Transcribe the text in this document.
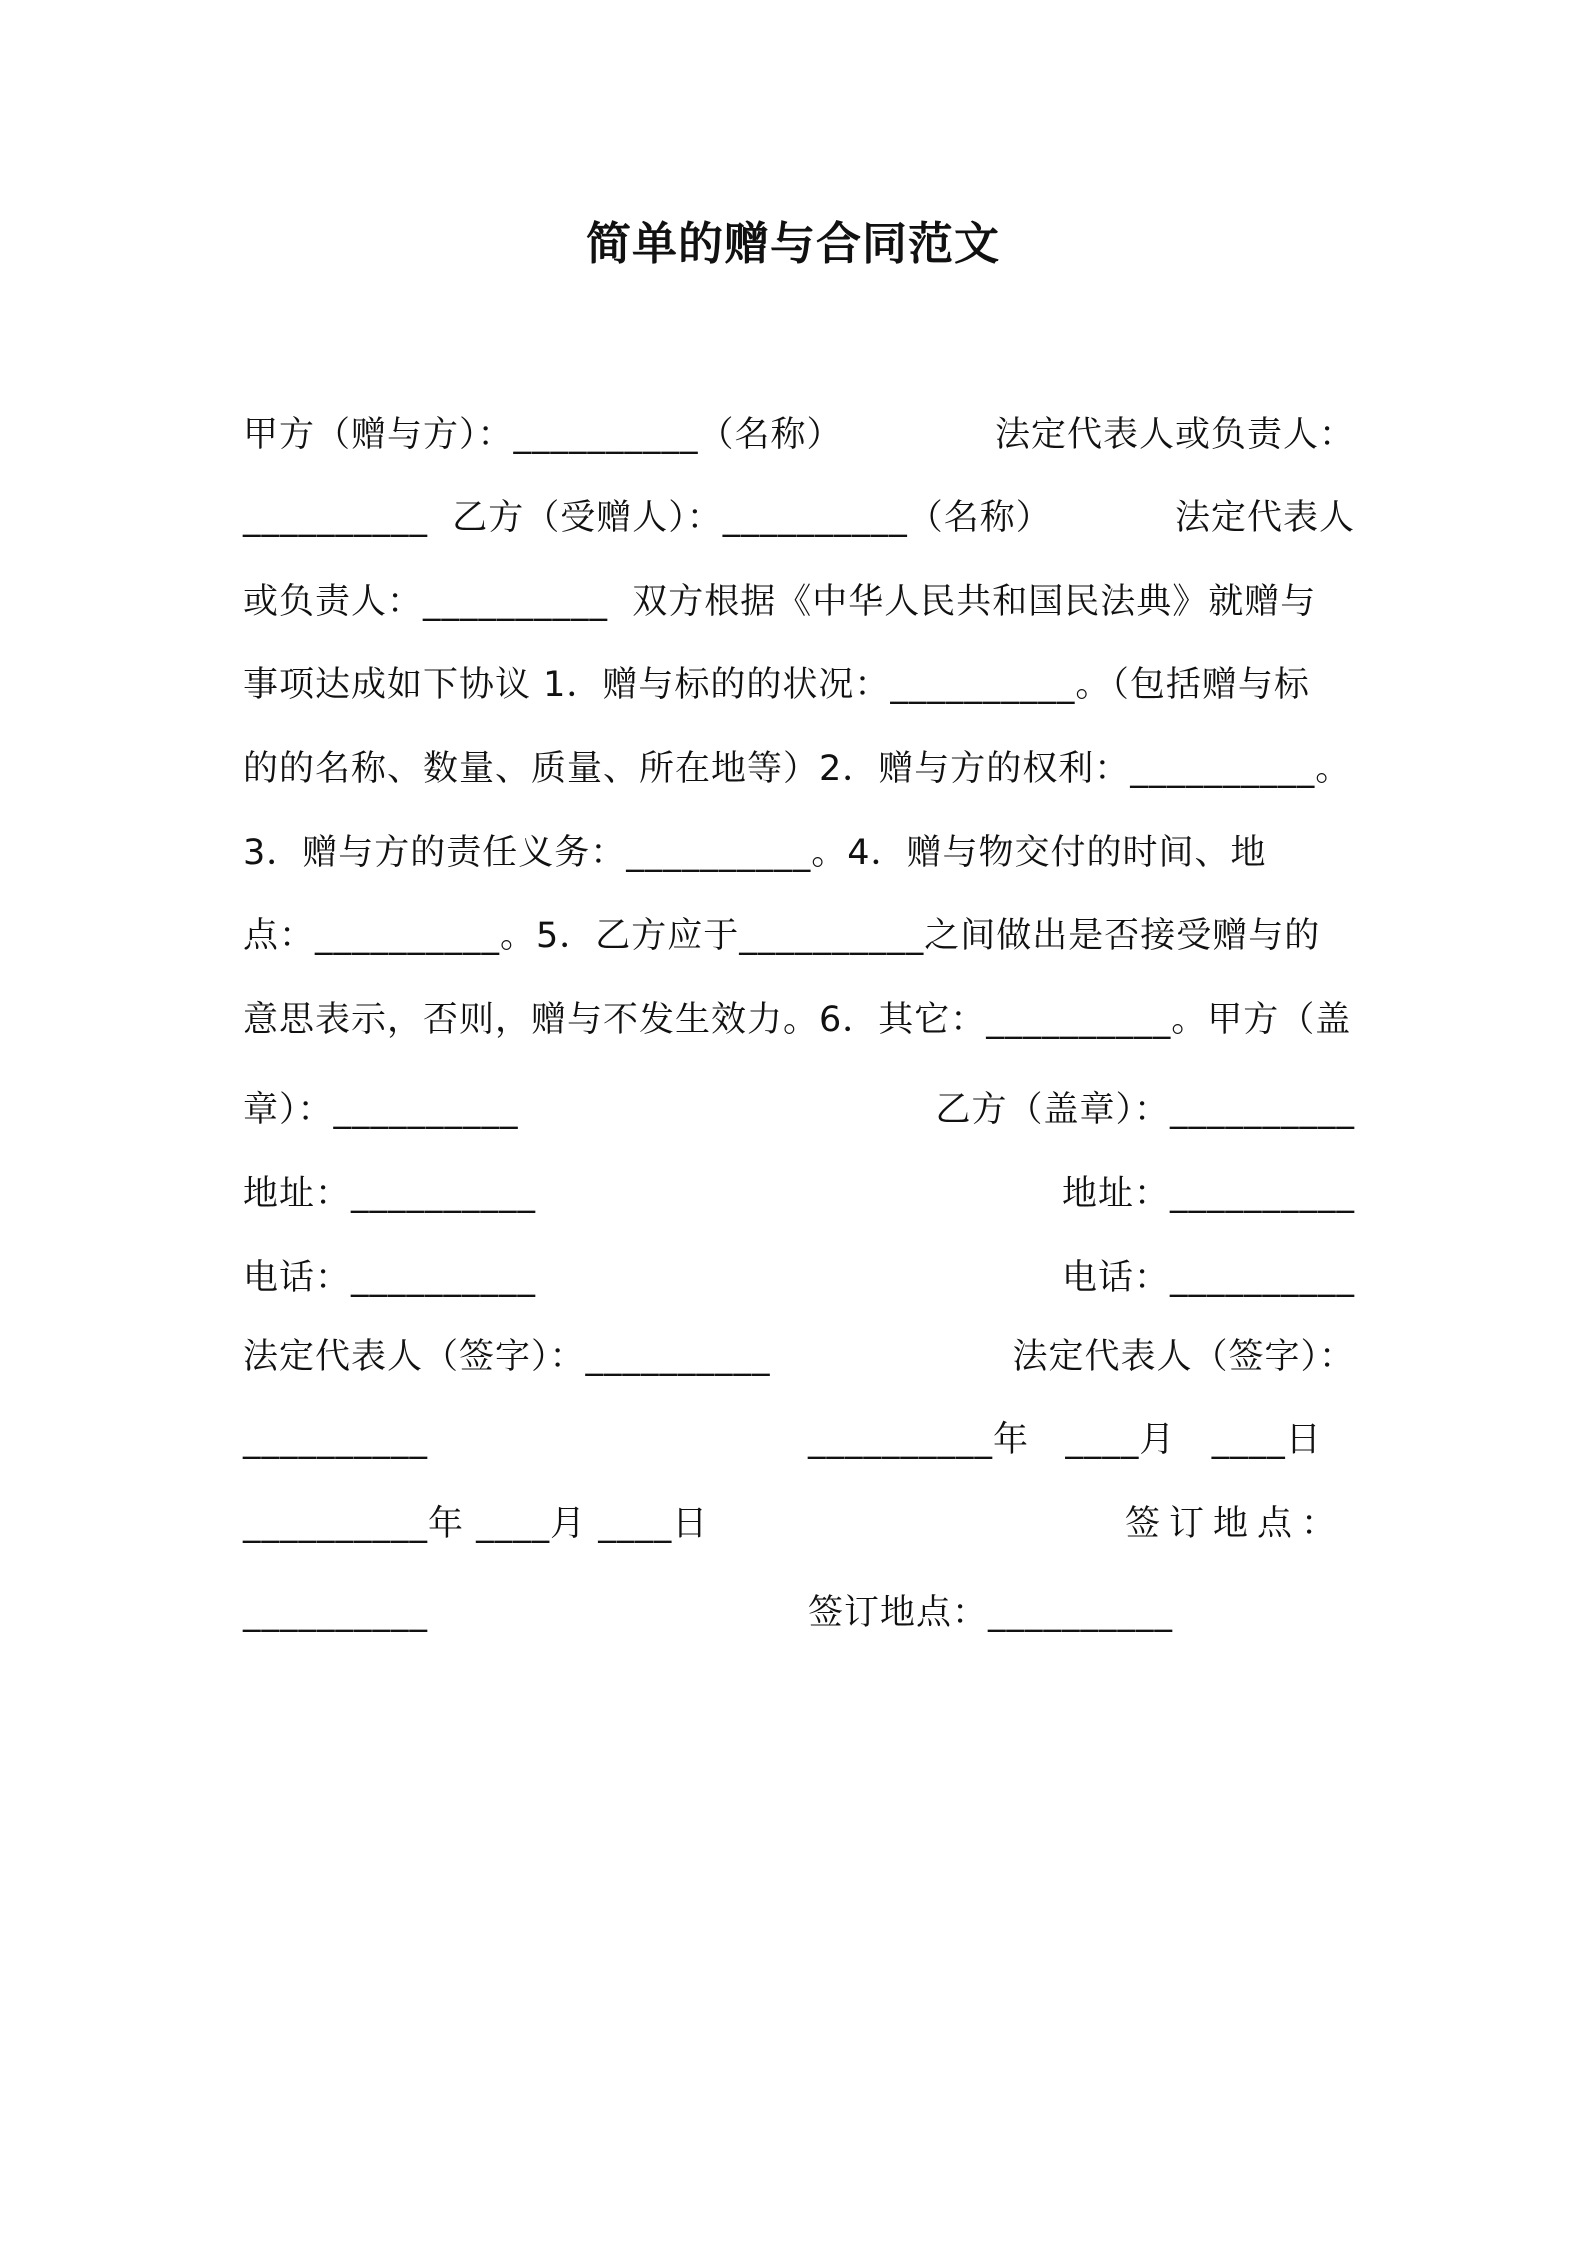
简单的赠与合同范文
甲方（赠与方）：__________（名称）	法定代表人或负责人：
__________  乙方（受赠人）：__________（名称）	法定代表人
或负责人：__________  双方根据《中华人民共和国民法典》就赠与
事项达成如下协议 1．赠与标的的状况：__________。（包括赠与标
的的名称、数量、质量、所在地等）2．赠与方的权利：__________。
3．赠与方的责任义务：__________。4．赠与物交付的时间、地
点：__________。5．乙方应于__________之间做出是否接受赠与的
意思表示，否则，赠与不发生效力。6．其它：__________。甲方（盖
章）：__________	乙方（盖章）：__________
地址：__________	地址：__________
电话：__________	电话：__________
法定代表人（签字）：__________	法定代表人（签字）：
__________	__________年   ____月   ____日
__________年 ____月 ____日	签订地点：
__________	签订地点：__________
